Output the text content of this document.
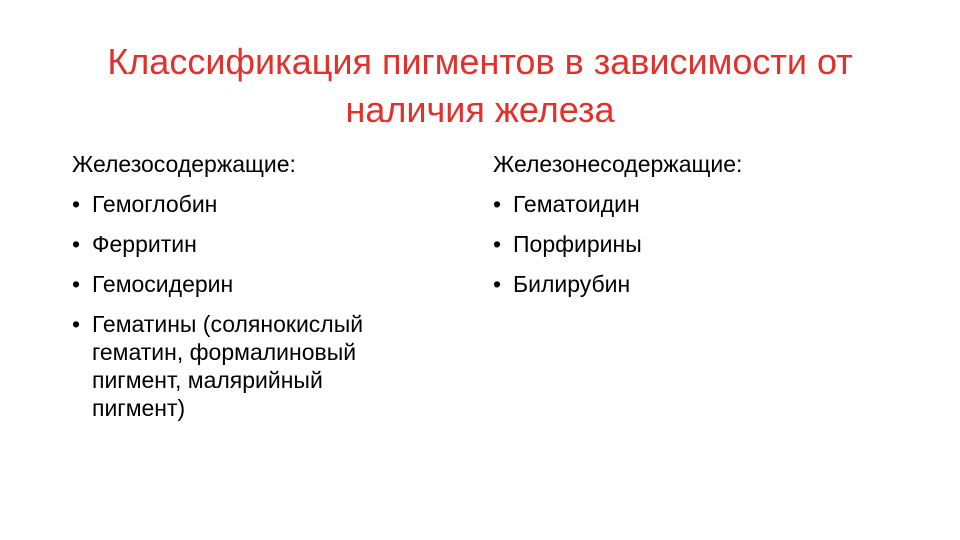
Классификация пигментов в зависимости от
наличия железа

Железосодержащие:

• Гемоглобин
• Ферритин
• Гемосидерин
• Гематины (солянокислый гематин, формалиновый пигмент, малярийный пигмент)

Железонесодержащие:

• Гематоидин
• Порфирины
• Билирубин
